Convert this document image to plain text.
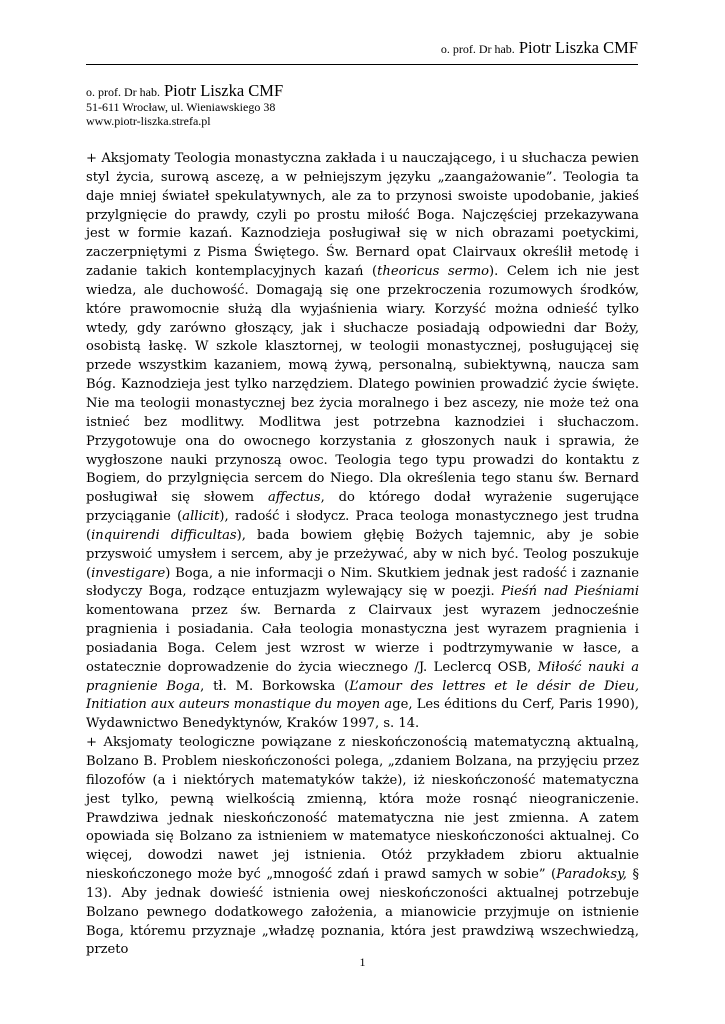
o. prof. Dr hab. Piotr Liszka CMF
o. prof. Dr hab. Piotr Liszka CMF
51-611 Wrocław, ul. Wieniawskiego 38
www.piotr-liszka.strefa.pl

+ Aksjomaty Teologia monastyczna zakłada i u nauczającego, i u słuchacza pewien styl życia, surową ascezę, a w pełniejszym języku „zaangażowanie”. Teologia ta daje mniej świateł spekulatywnych, ale za to przynosi swoiste upodobanie, jakieś przylgnięcie do prawdy, czyli po prostu miłość Boga. Najczęściej przekazywana jest w formie kazań. Kaznodzieja posługiwał się w nich obrazami poetyckimi, zaczerpniętymi z Pisma Świętego. Św. Bernard opat Clairvaux określił metodę i zadanie takich kontemplacyjnych kazań (theoricus sermo). Celem ich nie jest wiedza, ale duchowość. Domagają się one przekroczenia rozumowych środków, które prawomocnie służą dla wyjaśnienia wiary. Korzyść można odnieść tylko wtedy, gdy zarówno głoszący, jak i słuchacze posiadają odpowiedni dar Boży, osobistą łaskę. W szkole klasztornej, w teologii monastycznej, posługującej się przede wszystkim kazaniem, mową żywą, personalną, subiektywną, naucza sam Bóg. Kaznodzieja jest tylko narzędziem. Dlatego powinien prowadzić życie święte. Nie ma teologii monastycznej bez życia moralnego i bez ascezy, nie może też ona istnieć bez modlitwy. Modlitwa jest potrzebna kaznodziei i słuchaczom. Przygotowuje ona do owocnego korzystania z głoszonych nauk i sprawia, że wygłoszone nauki przynoszą owoc. Teologia tego typu prowadzi do kontaktu z Bogiem, do przylgnięcia sercem do Niego. Dla określenia tego stanu św. Bernard posługiwał się słowem affectus, do którego dodał wyrażenie sugerujące przyciąganie (allicit), radość i słodycz. Praca teologa monastycznego jest trudna (inquirendi difficultas), bada bowiem głębię Bożych tajemnic, aby je sobie przyswoić umysłem i sercem, aby je przeżywać, aby w nich być. Teolog poszukuje (investigare) Boga, a nie informacji o Nim. Skutkiem jednak jest radość i zaznanie słodyczy Boga, rodzące entuzjazm wylewający się w poezji. Pieśń nad Pieśniami komentowana przez św. Bernarda z Clairvaux jest wyrazem jednocześnie pragnienia i posiadania. Cała teologia monastyczna jest wyrazem pragnienia i posiadania Boga. Celem jest wzrost w wierze i podtrzymywanie w łasce, a ostatecznie doprowadzenie do życia wiecznego /J. Leclercq OSB, Miłość nauki a pragnienie Boga, tł. M. Borkowska (L’amour des lettres et le désir de Dieu, Initiation aux auteurs monastique du moyen age, Les éditions du Cerf, Paris 1990), Wydawnictwo Benedyktynów, Kraków 1997, s. 14.

+ Aksjomaty teologiczne powiązane z nieskończonością matematyczną aktualną, Bolzano B. Problem nieskończoności polega, „zdaniem Bolzana, na przyjęciu przez filozofów (a i niektórych matematyków także), iż nieskończoność matematyczna jest tylko, pewną wielkością zmienną, która może rosnąć nieograniczenie. Prawdziwa jednak nieskończoność matematyczna nie jest zmienna. A zatem opowiada się Bolzano za istnieniem w matematyce nieskończoności aktualnej. Co więcej, dowodzi nawet jej istnienia. Otóż przykładem zbioru aktualnie nieskończonego może być „mnogość zdań i prawd samych w sobie” (Paradoksy, § 13). Aby jednak dowieść istnienia owej nieskończoności aktualnej potrzebuje Bolzano pewnego dodatkowego założenia, a mianowicie przyjmuje on istnienie Boga, któremu przyznaje „władzę poznania, która jest prawdziwą wszechwiedzą, przeto

1
